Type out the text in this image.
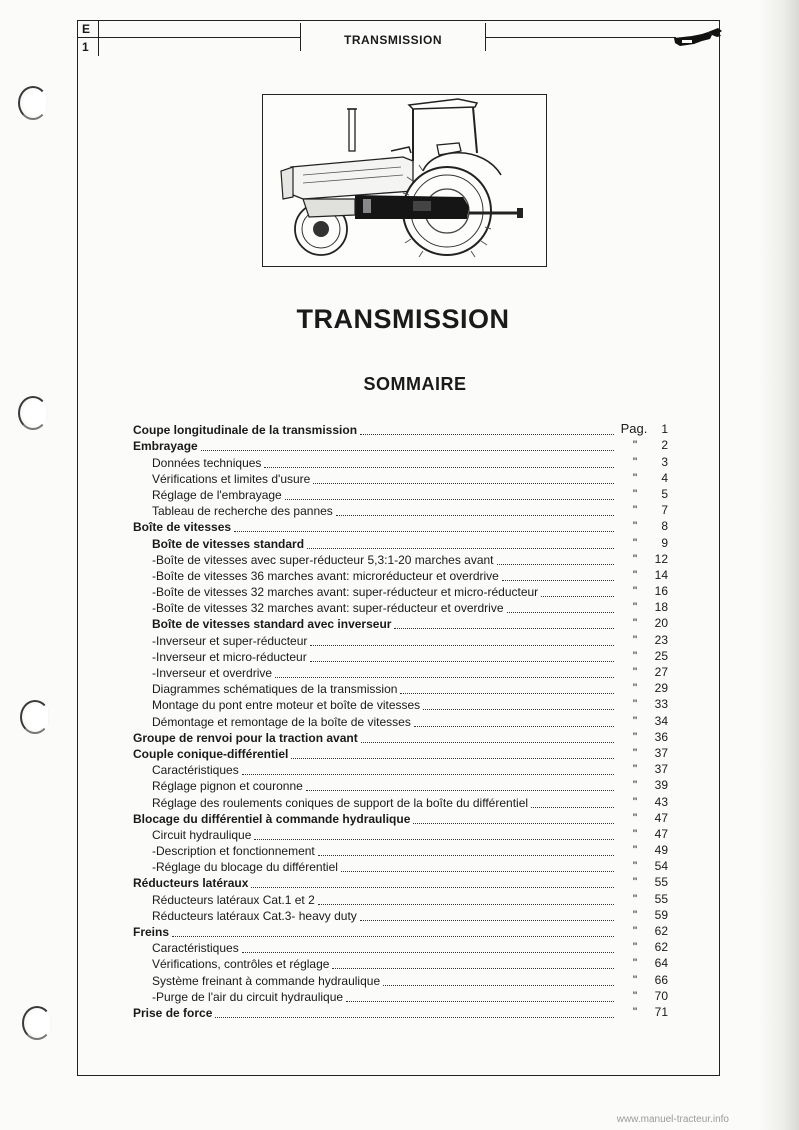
E
1	TRANSMISSION
TRANSMISSION
SOMMAIRE
Coupe longitudinale de la transmission	Pag.	1
Embrayage	"	2
Données techniques	"	3
Vérifications et limites d'usure	"	4
Réglage de l'embrayage	"	5
Tableau de recherche des pannes	"	7
Boîte de vitesses	"	8
Boîte de vitesses standard	"	9
-Boîte de vitesses avec super-réducteur 5,3:1-20 marches avant	"	12
-Boîte de vitesses 36 marches avant: microréducteur et overdrive	"	14
-Boîte de vitesses 32 marches avant: super-réducteur et micro-réducteur	"	16
-Boîte de vitesses 32 marches avant: super-réducteur et overdrive	"	18
Boîte de vitesses standard avec inverseur	"	20
-Inverseur et super-réducteur	"	23
-Inverseur et micro-réducteur	"	25
-Inverseur et overdrive	"	27
Diagrammes schématiques de la transmission	"	29
Montage du pont entre moteur et boîte de vitesses	"	33
Démontage et remontage de la boîte de vitesses	"	34
Groupe de renvoi pour la traction avant	"	36
Couple conique-différentiel	"	37
Caractéristiques	"	37
Réglage pignon et couronne	"	39
Réglage des roulements coniques de support de la boîte du différentiel	"	43
Blocage du différentiel à commande hydraulique	"	47
Circuit hydraulique	"	47
-Description et fonctionnement	"	49
-Réglage du blocage du différentiel	"	54
Réducteurs latéraux	"	55
Réducteurs latéraux Cat.1 et 2	"	55
Réducteurs latéraux Cat.3- heavy duty	"	59
Freins	"	62
Caractéristiques	"	62
Vérifications, contrôles et réglage	"	64
Système freinant à commande hydraulique	"	66
-Purge de l'air du circuit hydraulique	"	70
Prise de force	"	71
www.manuel-tracteur.info
